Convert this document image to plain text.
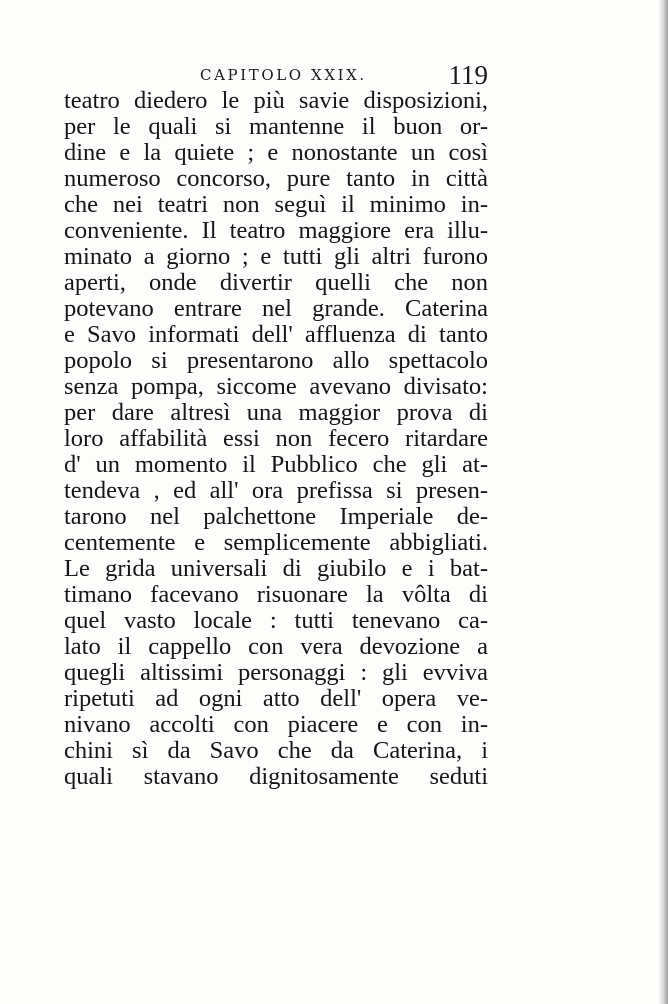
CAPITOLO XXIX.	119
teatro diedero le più savie disposizioni,
per le quali si mantenne il buon or-
dine e la quiete ; e nonostante un così
numeroso concorso, pure tanto in città
che nei teatri non seguì il minimo in-
conveniente. Il teatro maggiore era illu-
minato a giorno ; e tutti gli altri furono
aperti, onde divertir quelli che non
potevano entrare nel grande. Caterina
e Savo informati dell' affluenza di tanto
popolo si presentarono allo spettacolo
senza pompa, siccome avevano divisato:
per dare altresì una maggior prova di
loro affabilità essi non fecero ritardare
d' un momento il Pubblico che gli at-
tendeva , ed all' ora prefissa si presen-
tarono nel palchettone Imperiale de-
centemente e semplicemente abbigliati.
Le grida universali di giubilo e i bat-
timano facevano risuonare la vôlta di
quel vasto locale : tutti tenevano ca-
lato il cappello con vera devozione a
quegli altissimi personaggi : gli evviva
ripetuti ad ogni atto dell' opera ve-
nivano accolti con piacere e con in-
chini sì da Savo che da Caterina, i
quali stavano dignitosamente seduti
